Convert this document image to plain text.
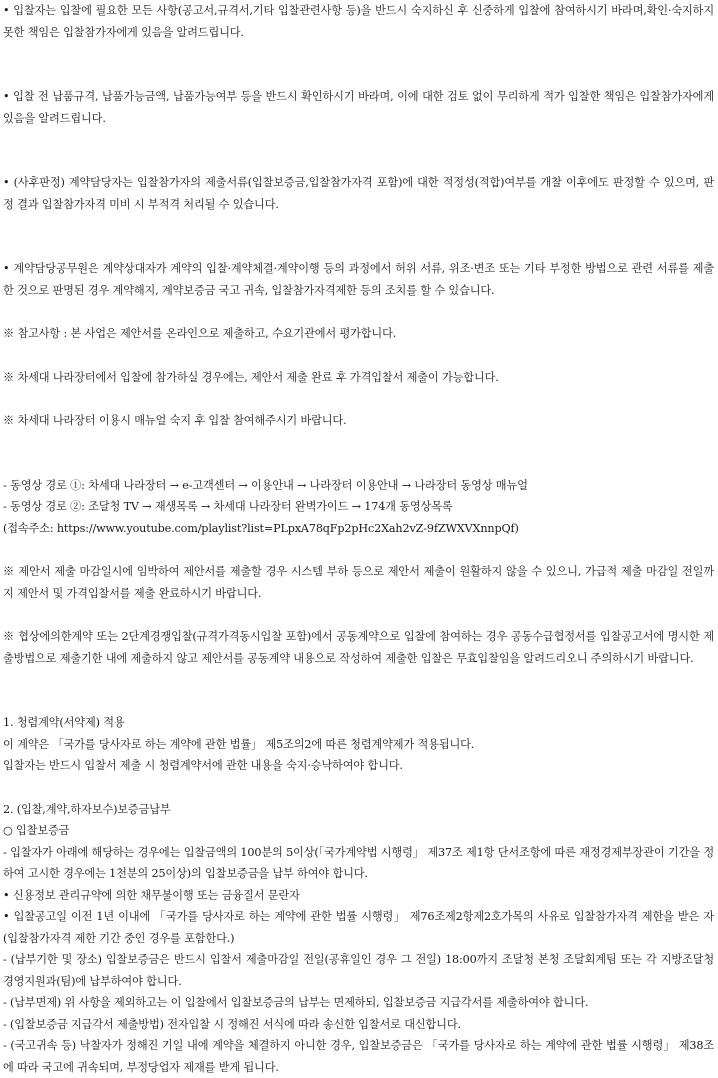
• 입찰자는 입찰에 필요한 모든 사항(공고서,규격서,기타 입찰관련사항 등)을 반드시 숙지하신 후 신중하게 입찰에 참여하시기 바라며,확인·숙지하지 못한 책임은 입찰참가자에게 있음을 알려드립니다.

• 입찰 전 납품규격, 납품가능금액, 납품가능여부 등을 반드시 확인하시기 바라며, 이에 대한 검토 없이 무리하게 적가 입찰한 책임은 입찰참가자에게 있음을 알려드립니다.

• (사후판정) 계약담당자는 입찰참가자의 제출서류(입찰보증금,입찰참가자격 포함)에 대한 적정성(적합)여부를 개찰 이후에도 판정할 수 있으며, 판정 결과 입찰참가자격 미비 시 부적격 처리될 수 있습니다.

• 계약담당공무원은 계약상대자가 계약의 입찰·계약체결·계약이행 등의 과정에서 허위 서류, 위조·변조 또는 기타 부정한 방법으로 관련 서류를 제출한 것으로 판명된 경우 계약해지, 계약보증금 국고 귀속, 입찰참가자격제한 등의 조치를 할 수 있습니다.

※ 참고사항 : 본 사업은 제안서를 온라인으로 제출하고, 수요기관에서 평가합니다.

※ 차세대 나라장터에서 입찰에 참가하실 경우에는, 제안서 제출 완료 후 가격입찰서 제출이 가능합니다.

※ 차세대 나라장터 이용시 매뉴얼 숙지 후 입찰 참여해주시기 바랍니다.

- 동영상 경로 ①: 차세대 나라장터 → e-고객센터 → 이용안내 → 나라장터 이용안내 → 나라장터 동영상 매뉴얼

- 동영상 경로 ②: 조달청 TV → 재생목록 → 차세대 나라장터 완벽가이드 → 174개 동영상목록

(접속주소: https://www.youtube.com/playlist?list=PLpxA78qFp2pHc2Xah2vZ-9fZWXVXnnpQf)

※ 제안서 제출 마감일시에 임박하여 제안서를 제출할 경우 시스템 부하 등으로 제안서 제출이 원활하지 않을 수 있으니, 가급적 제출 마감일 전일까지 제안서 및 가격입찰서를 제출 완료하시기 바랍니다.

※ 협상에의한계약 또는 2단계경쟁입찰(규격가격동시입찰 포함)에서 공동계약으로 입찰에 참여하는 경우 공동수급협정서를 입찰공고서에 명시한 제출방법으로 제출기한 내에 제출하지 않고 제안서를 공동계약 내용으로 작성하여 제출한 입찰은 무효입찰임을 알려드리오니 주의하시기 바랍니다.

1. 청렴계약(서약제) 적용

이 계약은 「국가를 당사자로 하는 계약에 관한 법률」 제5조의2에 따른 청렴계약제가 적용됩니다.

입찰자는 반드시 입찰서 제출 시 청렴계약서에 관한 내용을 숙지·승낙하여야 합니다.

2. (입찰,계약,하자보수)보증금납부

○ 입찰보증금

- 입찰자가 아래에 해당하는 경우에는 입찰금액의 100분의 5이상(「국가계약법 시행령」 제37조 제1항 단서조항에 따른 재정경제부장관이 기간을 정하여 고시한 경우에는 1천분의 25이상)의 입찰보증금을 납부 하여야 합니다.

• 신용정보 관리규약에 의한 채무불이행 또는 금융질서 문란자

• 입찰공고일 이전 1년 이내에 「국가를 당사자로 하는 계약에 관한 법률 시행령」 제76조제2항제2호가목의 사유로 입찰참가자격 제한을 받은 자(입찰참가자격 제한 기간 중인 경우를 포함한다.)

- (납부기한 및 장소) 입찰보증금은 반드시 입찰서 제출마감일 전일(공휴일인 경우 그 전일) 18:00까지 조달청 본청 조달회계팀 또는 각 지방조달청 경영지원과(팀)에 납부하여야 합니다.

- (납부면제) 위 사항을 제외하고는 이 입찰에서 입찰보증금의 납부는 면제하되, 입찰보증금 지급각서를 제출하여야 합니다.

- (입찰보증금 지급각서 제출방법) 전자입찰 시 정해진 서식에 따라 송신한 입찰서로 대신합니다.

- (국고귀속 등) 낙찰자가 정해진 기일 내에 계약을 체결하지 아니한 경우, 입찰보증금은 「국가를 당사자로 하는 계약에 관한 법률 시행령」 제38조에 따라 국고에 귀속되며, 부정당업자 제재를 받게 됩니다.
